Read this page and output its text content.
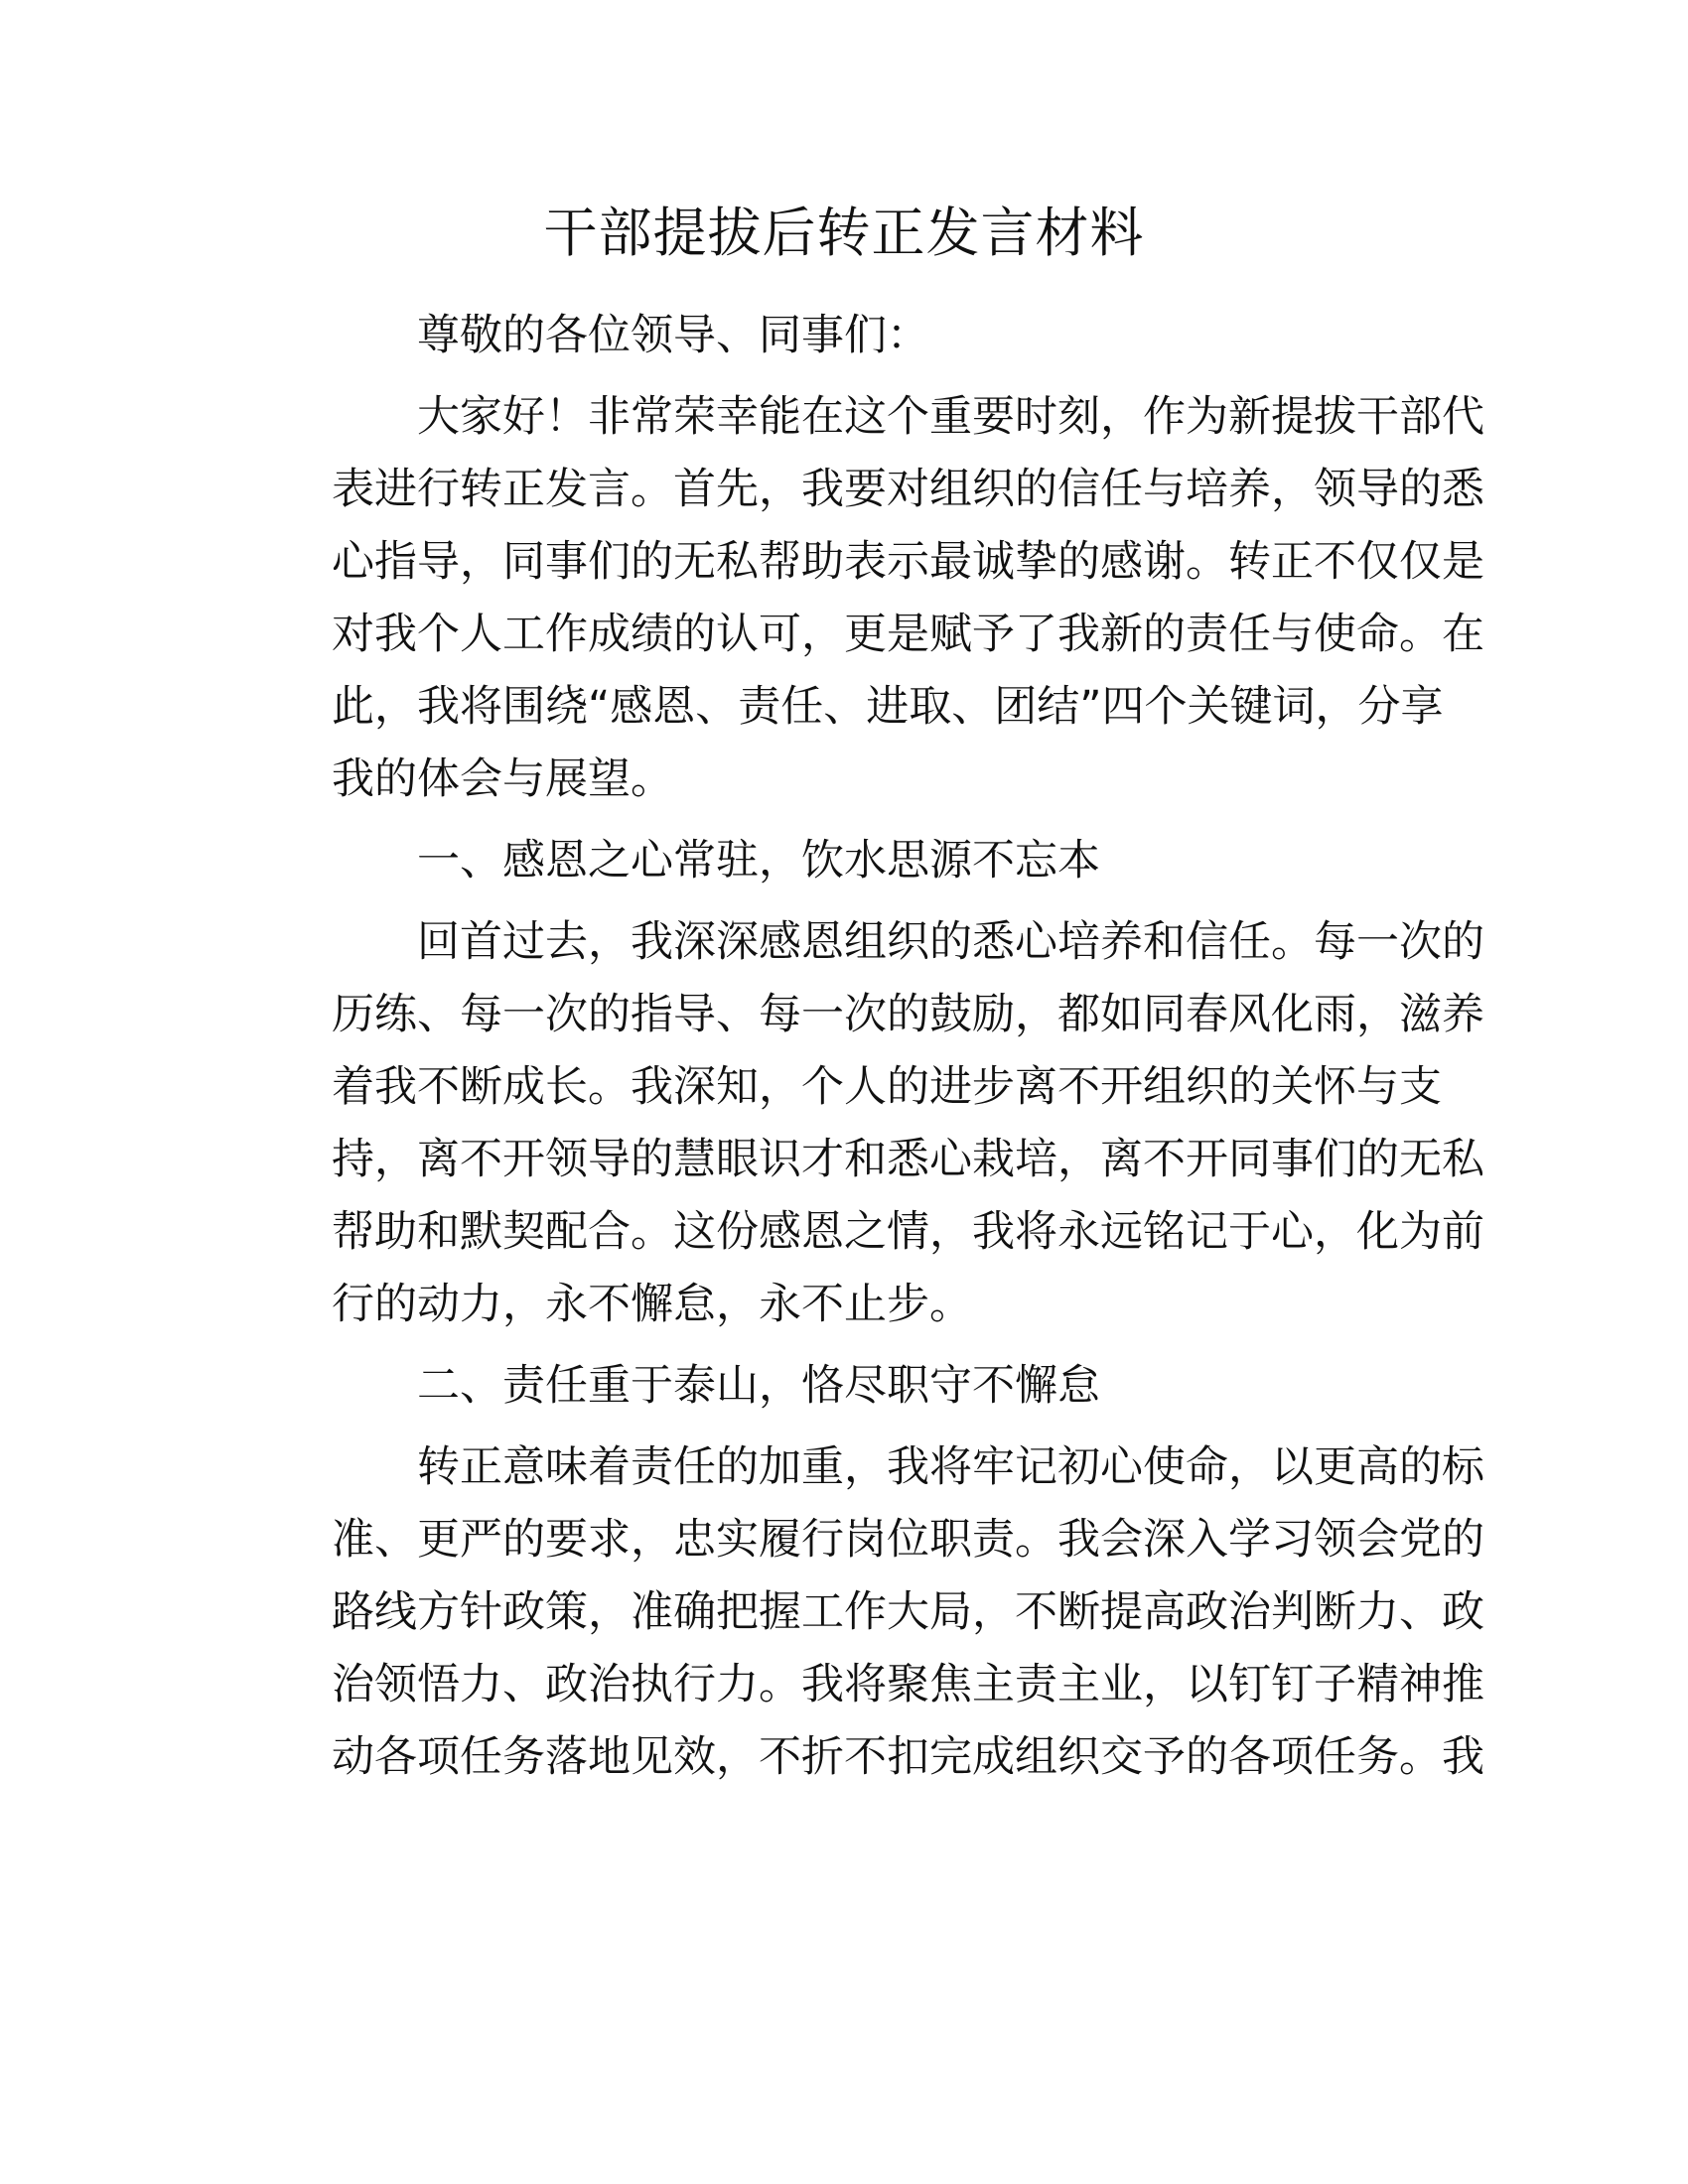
干部提拔后转正发言材料
尊敬的各位领导、同事们：
大家好！非常荣幸能在这个重要时刻，作为新提拔干部代
表进行转正发言。首先，我要对组织的信任与培养，领导的悉
心指导，同事们的无私帮助表示最诚挚的感谢。转正不仅仅是
对我个人工作成绩的认可，更是赋予了我新的责任与使命。在
此，我将围绕“感恩、责任、进取、团结”四个关键词，分享
我的体会与展望。
一、感恩之心常驻，饮水思源不忘本
回首过去，我深深感恩组织的悉心培养和信任。每一次的
历练、每一次的指导、每一次的鼓励，都如同春风化雨，滋养
着我不断成长。我深知，个人的进步离不开组织的关怀与支
持，离不开领导的慧眼识才和悉心栽培，离不开同事们的无私
帮助和默契配合。这份感恩之情，我将永远铭记于心，化为前
行的动力，永不懈怠，永不止步。
二、责任重于泰山，恪尽职守不懈怠
转正意味着责任的加重，我将牢记初心使命，以更高的标
准、更严的要求，忠实履行岗位职责。我会深入学习领会党的
路线方针政策，准确把握工作大局，不断提高政治判断力、政
治领悟力、政治执行力。我将聚焦主责主业，以钉钉子精神推
动各项任务落地见效，不折不扣完成组织交予的各项任务。我
